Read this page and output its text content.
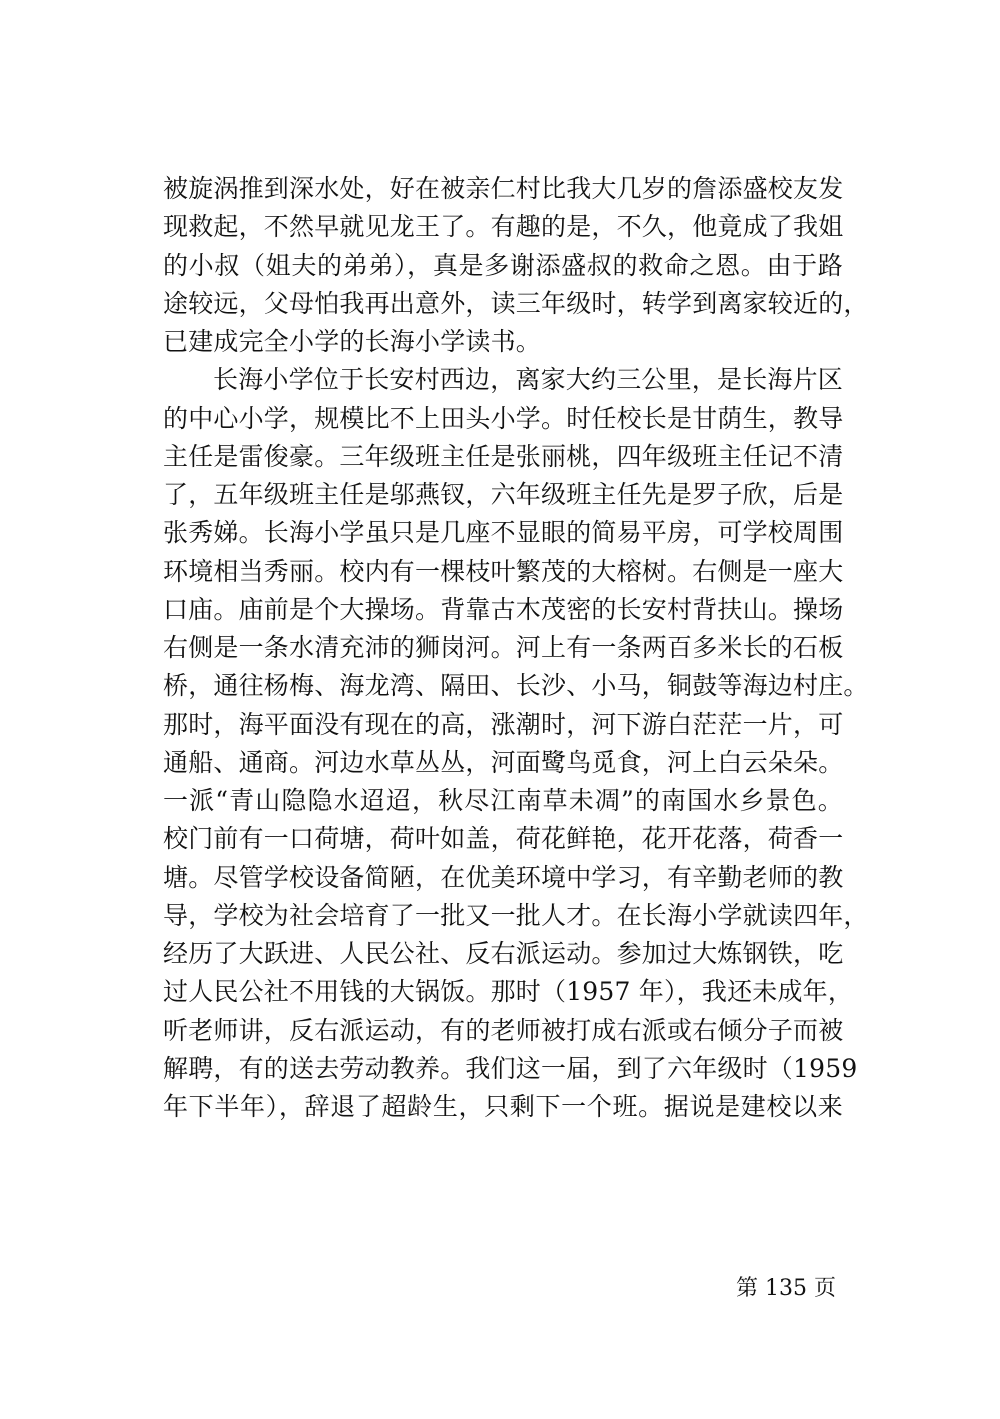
被旋涡推到深水处，好在被亲仁村比我大几岁的詹添盛校友发
现救起，不然早就见龙王了。有趣的是，不久，他竟成了我姐
的小叔（姐夫的弟弟），真是多谢添盛叔的救命之恩。由于路
途较远，父母怕我再出意外，读三年级时，转学到离家较近的，
已建成完全小学的长海小学读书。
长海小学位于长安村西边，离家大约三公里，是长海片区
的中心小学，规模比不上田头小学。时任校长是甘荫生，教导
主任是雷俊豪。三年级班主任是张丽桃，四年级班主任记不清
了，五年级班主任是邬燕钗，六年级班主任先是罗子欣，后是
张秀娣。长海小学虽只是几座不显眼的简易平房，可学校周围
环境相当秀丽。校内有一棵枝叶繁茂的大榕树。右侧是一座大
口庙。庙前是个大操场。背靠古木茂密的长安村背扶山。操场
右侧是一条水清充沛的狮岗河。河上有一条两百多米长的石板
桥，通往杨梅、海龙湾、隔田、长沙、小马，铜鼓等海边村庄。
那时，海平面没有现在的高，涨潮时，河下游白茫茫一片，可
通船、通商。河边水草丛丛，河面鹭鸟觅食，河上白云朵朵。
一派“青山隐隐水迢迢，秋尽江南草未凋”的南国水乡景色。
校门前有一口荷塘，荷叶如盖，荷花鲜艳，花开花落，荷香一
塘。尽管学校设备简陋，在优美环境中学习，有辛勤老师的教
导，学校为社会培育了一批又一批人才。在长海小学就读四年，
经历了大跃进、人民公社、反右派运动。参加过大炼钢铁，吃
过人民公社不用钱的大锅饭。那时（1957 年），我还未成年，
听老师讲，反右派运动，有的老师被打成右派或右倾分子而被
解聘，有的送去劳动教养。我们这一届，到了六年级时（1959
年下半年），辞退了超龄生，只剩下一个班。据说是建校以来
第 135 页
